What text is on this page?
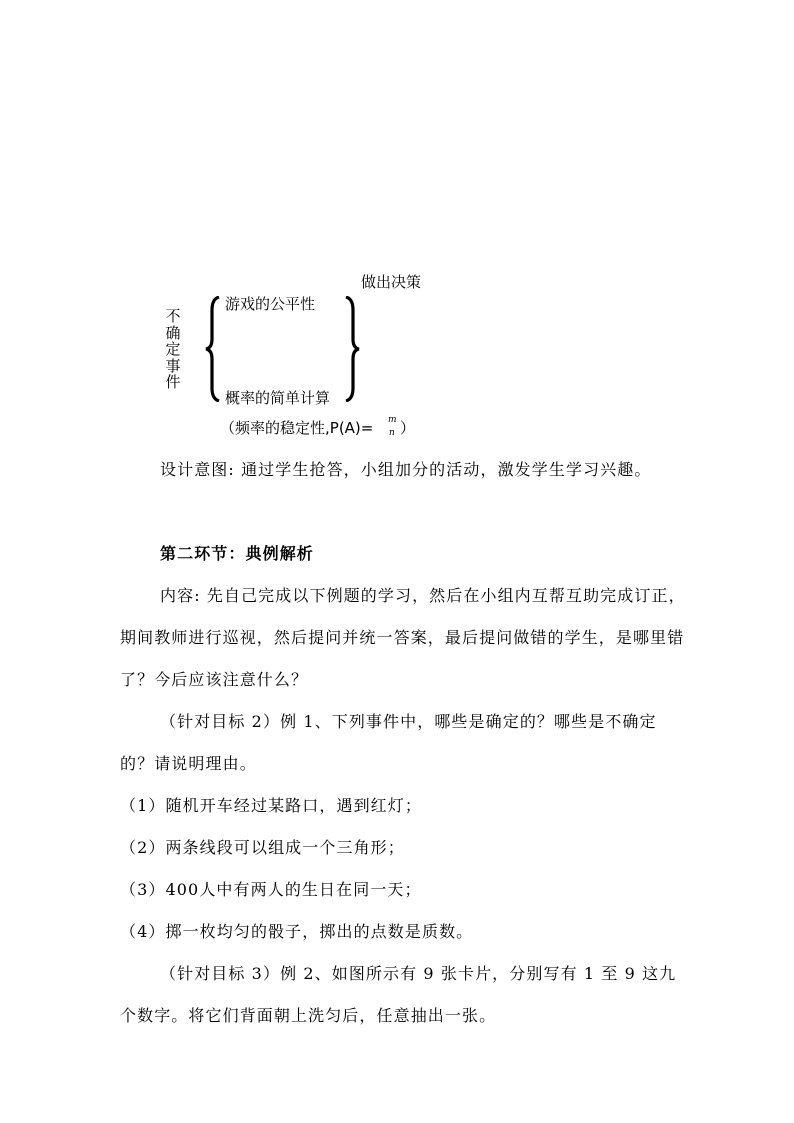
不确定事件
游戏的公平性
概率的简单计算
做出决策
（频率的稳定性,P(A)= m
n ）
设计意图: 通过学生抢答，小组加分的活动，激发学生学习兴趣。
第二环节：典例解析
内容: 先自己完成以下例题的学习，然后在小组内互帮互助完成订正，期间教师进行巡视，然后提问并统一答案，最后提问做错的学生，是哪里错了？今后应该注意什么？
（针对目标 2）例 1、下列事件中，哪些是确定的？哪些是不确定的？请说明理由。
（1）随机开车经过某路口，遇到红灯；
（2）两条线段可以组成一个三角形；
（3）400人中有两人的生日在同一天；
（4）掷一枚均匀的骰子，掷出的点数是质数。
（针对目标 3）例 2、如图所示有 9 张卡片，分别写有 1 至 9 这九个数字。将它们背面朝上洗匀后，任意抽出一张。
